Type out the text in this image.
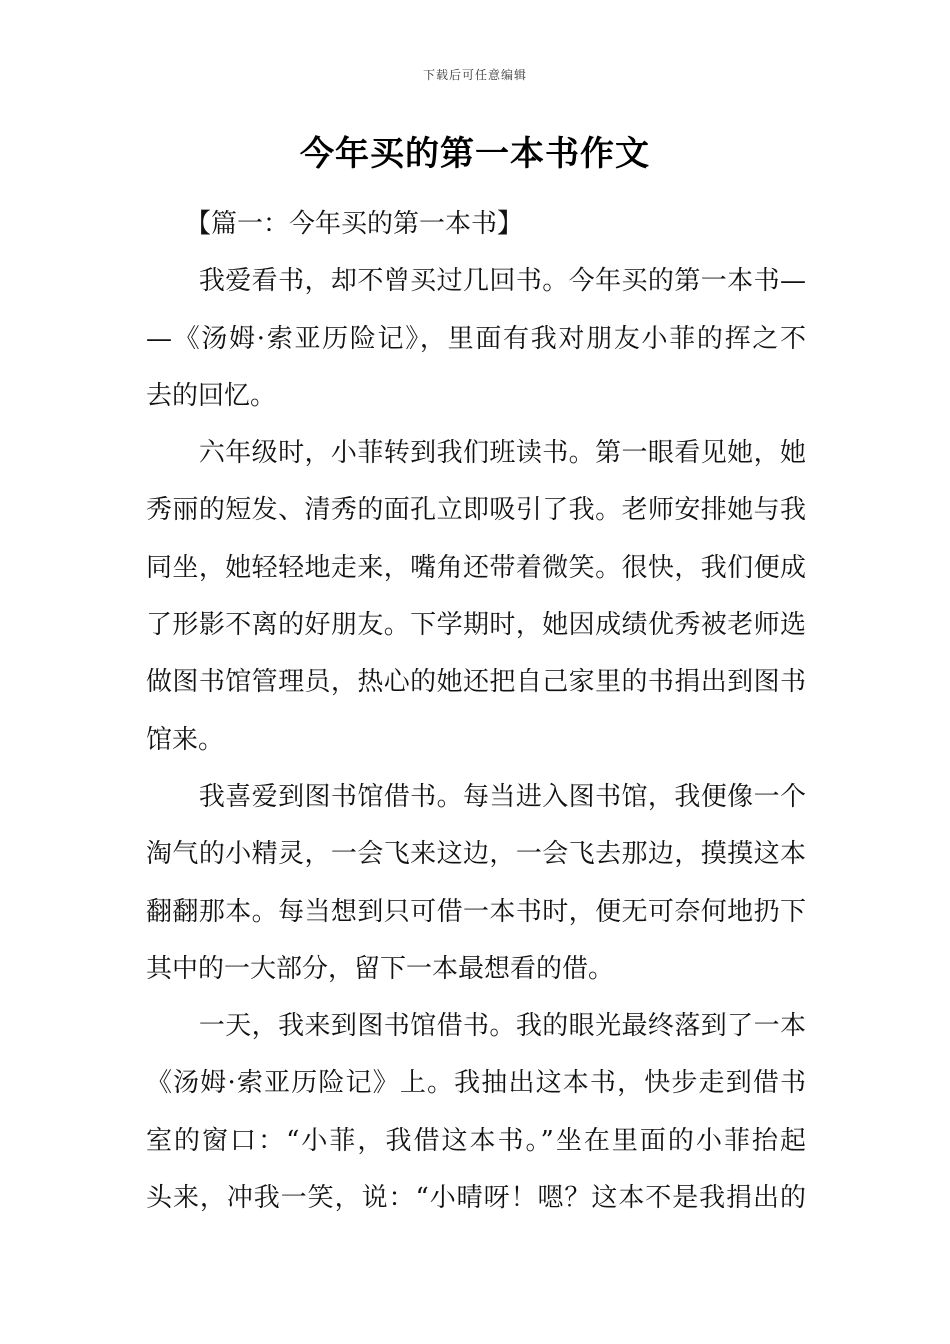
下载后可任意编辑
今年买的第一本书作文
　　【篇一：今年买的第一本书】
　　我爱看书，却不曾买过几回书。今年买的第一本书—
—《汤姆·索亚历险记》，里面有我对朋友小菲的挥之不
去的回忆。
　　六年级时，小菲转到我们班读书。第一眼看见她，她
秀丽的短发、清秀的面孔立即吸引了我。老师安排她与我
同坐，她轻轻地走来，嘴角还带着微笑。很快，我们便成
了形影不离的好朋友。下学期时，她因成绩优秀被老师选
做图书馆管理员，热心的她还把自己家里的书捐出到图书
馆来。
　　我喜爱到图书馆借书。每当进入图书馆，我便像一个
淘气的小精灵，一会飞来这边，一会飞去那边，摸摸这本
翻翻那本。每当想到只可借一本书时，便无可奈何地扔下
其中的一大部分，留下一本最想看的借。
　　一天，我来到图书馆借书。我的眼光最终落到了一本
《汤姆·索亚历险记》上。我抽出这本书，快步走到借书
室的窗口：“小菲，我借这本书。”坐在里面的小菲抬起
头来，冲我一笑，说：“小晴呀！嗯？这本不是我捐出的
